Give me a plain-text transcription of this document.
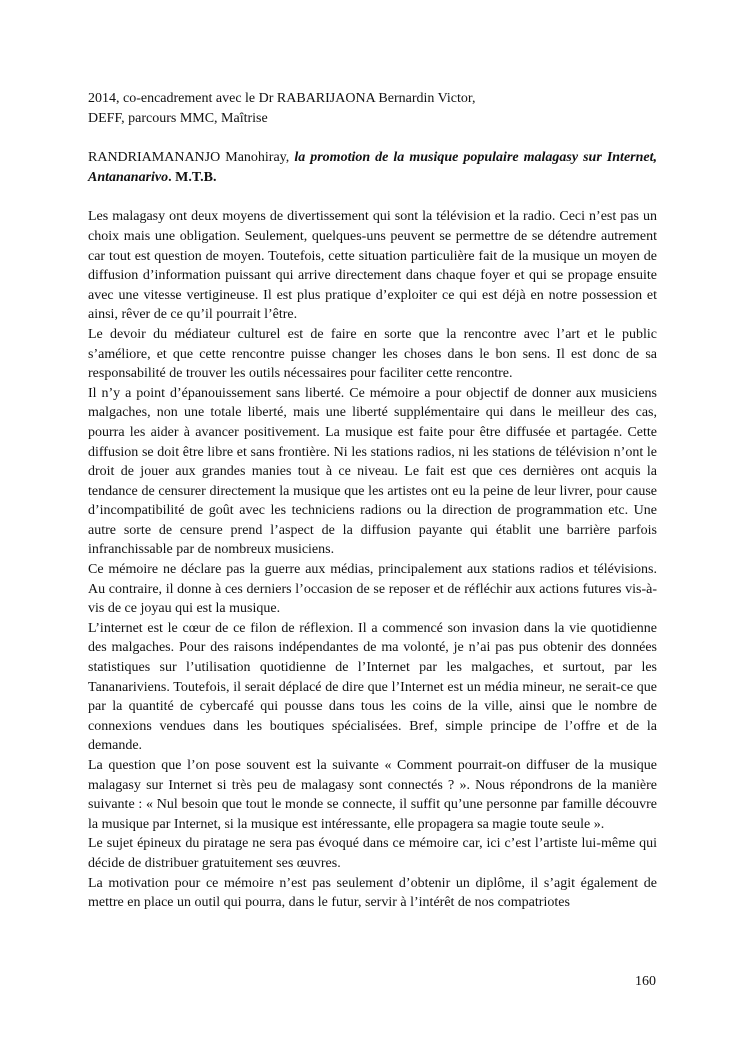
2014, co-encadrement avec le Dr RABARIJAONA Bernardin Victor,

DEFF, parcours MMC, Maîtrise

RANDRIAMANANJO Manohiray, la promotion de la musique populaire malagasy sur Internet, Antananarivo. M.T.B.

Les malagasy ont deux moyens de divertissement qui sont la télévision et la radio. Ceci n’est pas un choix mais une obligation. Seulement, quelques-uns peuvent se permettre de se détendre autrement car tout est question de moyen. Toutefois, cette situation particulière fait de la musique un moyen de diffusion d’information puissant qui arrive directement dans chaque foyer et qui se propage ensuite avec une vitesse vertigineuse. Il est plus pratique d’exploiter ce qui est déjà en notre possession et ainsi, rêver de ce qu’il pourrait l’être.

Le devoir du médiateur culturel est de faire en sorte que la rencontre avec l’art et le public s’améliore, et que cette rencontre puisse changer les choses dans le bon sens. Il est donc de sa responsabilité de trouver les outils nécessaires pour faciliter cette rencontre.

Il n’y a point d’épanouissement sans liberté. Ce mémoire a pour objectif de donner aux musiciens malgaches, non une totale liberté, mais une liberté supplémentaire qui dans le meilleur des cas, pourra les aider à avancer positivement. La musique est faite pour être diffusée et partagée. Cette diffusion se doit être libre et sans frontière. Ni les stations radios, ni les stations de télévision n’ont le droit de jouer aux grandes manies tout à ce niveau. Le fait est que ces dernières ont acquis la tendance de censurer directement la musique que les artistes ont eu la peine de leur livrer, pour cause d’incompatibilité de goût avec les techniciens radions ou la direction de programmation etc. Une autre sorte de censure prend l’aspect de la diffusion payante qui établit une barrière parfois infranchissable par de nombreux musiciens.

Ce mémoire ne déclare pas la guerre aux médias, principalement aux stations radios et télévisions. Au contraire, il donne à ces derniers l’occasion de se reposer et de réfléchir aux actions futures vis-à-vis de ce joyau qui est la musique.

L’internet est le cœur de ce filon de réflexion. Il a commencé son invasion dans la vie quotidienne des malgaches. Pour des raisons indépendantes de ma volonté, je n’ai pas pus obtenir des données statistiques sur l’utilisation quotidienne de l’Internet par les malgaches, et surtout, par les Tananariviens. Toutefois, il serait déplacé de dire que l’Internet est un média mineur, ne serait-ce que par la quantité de cybercafé qui pousse dans tous les coins de la ville, ainsi que le nombre de connexions vendues dans les boutiques spécialisées. Bref, simple principe de l’offre et de la demande.

La question que l’on pose souvent est la suivante « Comment pourrait-on diffuser de la musique malagasy sur Internet si très peu de malagasy sont connectés ? ». Nous répondrons de la manière suivante : « Nul besoin que tout le monde se connecte, il suffit qu’une personne par famille découvre la musique par Internet, si la musique est intéressante, elle propagera sa magie toute seule ».

Le sujet épineux du piratage ne sera pas évoqué dans ce mémoire car, ici c’est l’artiste lui-même qui décide de distribuer gratuitement ses œuvres.

La motivation pour ce mémoire n’est pas seulement d’obtenir un diplôme, il s’agit également de mettre en place un outil qui pourra, dans le futur, servir à l’intérêt de nos compatriotes

160
